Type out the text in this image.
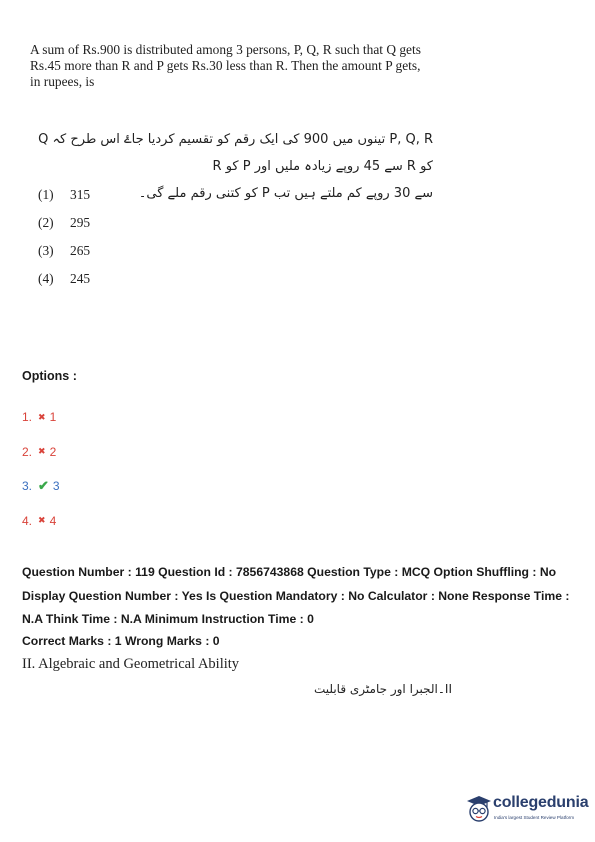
A sum of Rs.900 is distributed among 3 persons, P, Q, R such that Q gets Rs.45 more than R and P gets Rs.30 less than R. Then the amount P gets, in rupees, is
P, Q, R تینوں میں 900 کی ایک رقم کو تقسیم کردیا جاۓ اس طرح کہ Q کو R سے 45 روپے زیادہ ملیں اور P کو R
سے 30 روپے کم ملتے ہیں تب P کو کتنی رقم ملے گی۔
(1)	315
(2)	295
(3)	265
(4)	245
Options :
1. ✖ 1
2. ✖ 2
3. ✔ 3
4. ✖ 4
Question Number : 119 Question Id : 7856743868 Question Type : MCQ Option Shuffling : No Display Question Number : Yes Is Question Mandatory : No Calculator : None Response Time : N.A Think Time : N.A Minimum Instruction Time : 0
Correct Marks : 1 Wrong Marks : 0
II. Algebraic and Geometrical Ability
II۔الجبرا اور جامٹری قابلیت
collegedunia
India's largest Student Review Platform
